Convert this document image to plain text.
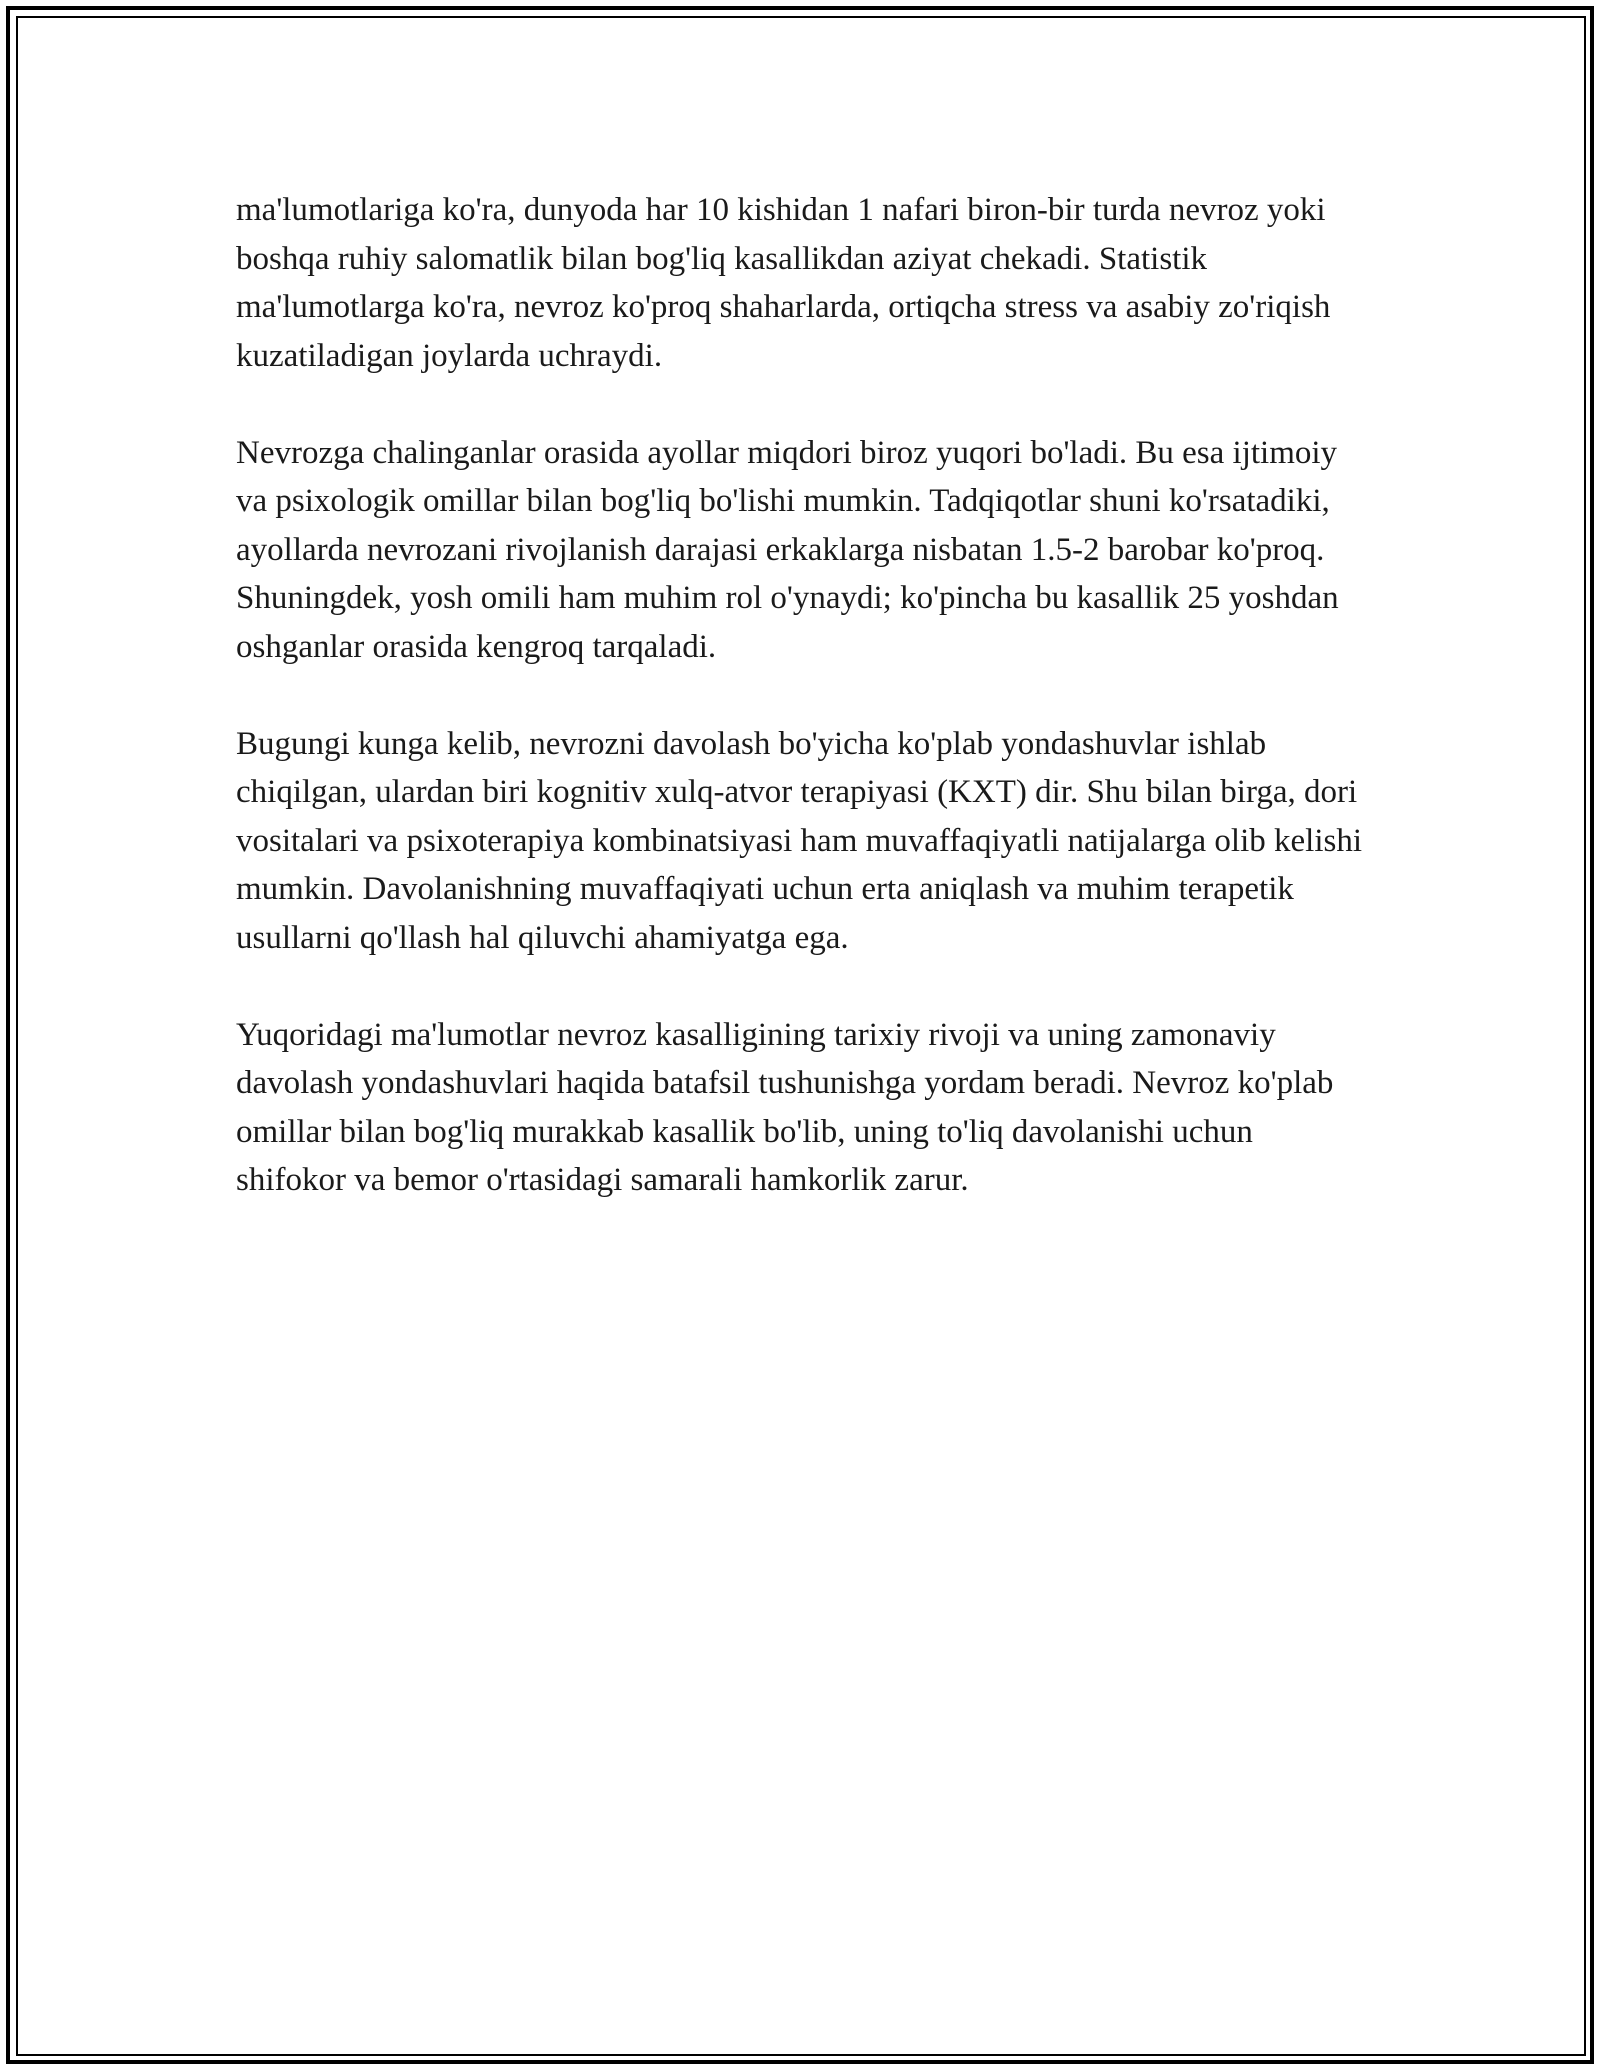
ma'lumotlariga ko'ra, dunyoda har 10 kishidan 1 nafari biron-bir turda nevroz yoki boshqa ruhiy salomatlik bilan bog'liq kasallikdan aziyat chekadi. Statistik ma'lumotlarga ko'ra, nevroz ko'proq shaharlarda, ortiqcha stress va asabiy zo'riqish kuzatiladigan joylarda uchraydi.

Nevrozga chalinganlar orasida ayollar miqdori biroz yuqori bo'ladi. Bu esa ijtimoiy va psixologik omillar bilan bog'liq bo'lishi mumkin. Tadqiqotlar shuni ko'rsatadiki, ayollarda nevrozani rivojlanish darajasi erkaklarga nisbatan 1.5-2 barobar ko'proq. Shuningdek, yosh omili ham muhim rol o'ynaydi; ko'pincha bu kasallik 25 yoshdan oshganlar orasida kengroq tarqaladi.

Bugungi kunga kelib, nevrozni davolash bo'yicha ko'plab yondashuvlar ishlab chiqilgan, ulardan biri kognitiv xulq-atvor terapiyasi (KXT) dir. Shu bilan birga, dori vositalari va psixoterapiya kombinatsiyasi ham muvaffaqiyatli natijalarga olib kelishi mumkin. Davolanishning muvaffaqiyati uchun erta aniqlash va muhim terapetik usullarni qo'llash hal qiluvchi ahamiyatga ega.

Yuqoridagi ma'lumotlar nevroz kasalligining tarixiy rivoji va uning zamonaviy davolash yondashuvlari haqida batafsil tushunishga yordam beradi. Nevroz ko'plab omillar bilan bog'liq murakkab kasallik bo'lib, uning to'liq davolanishi uchun shifokor va bemor o'rtasidagi samarali hamkorlik zarur.
